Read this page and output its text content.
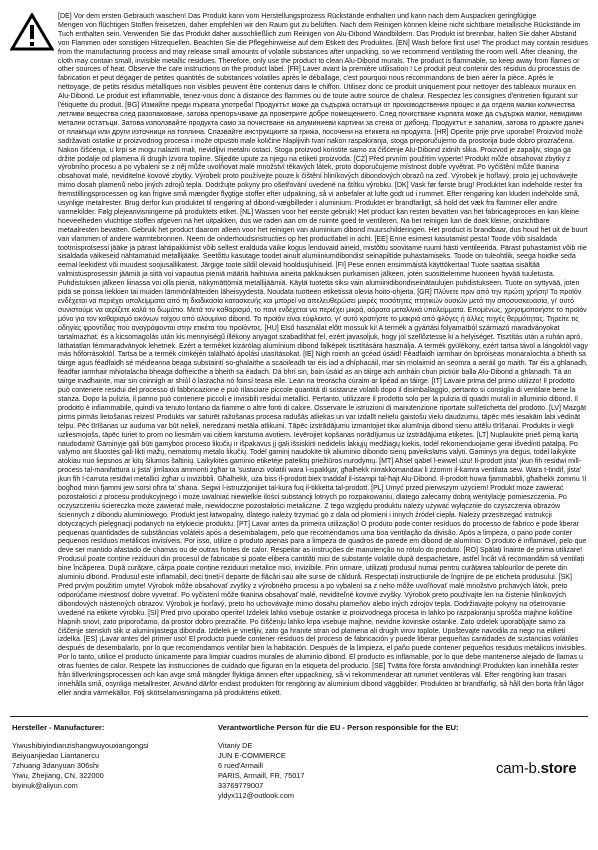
[DE] Vor dem ersten Gebrauch waschen! Das Produkt kann vom Herstellungsprozess Rückstände enthalten und kann nach dem Auspacken geringfügige
Mengen von flüchtigen Stoffen freisetzen, daher empfehlen wir den Raum gut zu belüften. Nach dem Reinigen können kleine nicht sichtbare metallische Rückstände im Tuch enthalten sein. Verwenden Sie das Produkt daher ausschließlich zum Reinigen von Alu-Dibond Wandbildern. Das Produkt ist brennbar, halten Sie daher Abstand von Flammen oder sonstigen Hitzequellen. Beachten Sie die Pflegehinweise auf dem Etikett des Produktes. [EN] Wash before first use! The product may contain residues from the manufacturing process and may release small amounts of volatile substances after unpacking, so we recommend ventilating the room well. After cleaning, the cloth may contain small, invisible metallic residues. Therefore, only use the product to clean Alu-Dibond murals. The product is flammable, so keep away from flames or other sources of heat. Observe the care instructions on the product label. [FR] Laver avant la première utilisation ! Le produit peut contenir des résidus du processus de fabrication et peut dégager de petites quantités de substances volatiles après le déballage, c'est pourquoi nous recommandons de bien aérer la pièce. Après le nettoyage, de petits résidus métalliques non visibles peuvent être contenus dans le chiffon. Utilisez donc ce produit uniquement pour nettoyer des tableaux muraux en Alu-Dibond. Le produit est inflammable, tenez-vous donc à distance des flammes ou de toute autre source de chaleur. Respectez les consignes d'entretien figurant sur l'étiquette du produit. [BG] Измийте преди първата употреба! Продуктът може да съдържа остатъци от производствения процес и да отделя малки количества летливи вещества след разопаковане, затова препоръчваме да проветрите добре помещението. След почистване кърпата може да съдържа малки, невидими метални остатъци. Затова използвайте продукта само за почистване на алуминиеви картини за стена от дибонд. Продуктът е запалим, затова го дръжте далеч от пламъци или други източници на топлина. Спазвайте инструкциите за грижа, посочени на етикета на продукта. [HR] Operite prije prve uporabe! Proizvod može sadržavati ostatke iz proizvodnog procesa i može otpustiti male količine hlapljivih tvari nakon raspakiranja, stoga preporučujemo da prostorija bude dobro prozračena. Nakon čišćenja, u krpi se mogu nalaziti mali, nevidljivi metalni ostaci. Stoga proizvod koristite samo za čišćenje Alu-Dibond zidnih slika. Proizvod je zapaljiv, stoga ga držite podalje od plamena ili drugih izvora topline. Slijedite upute za njegu na etiketi proizvoda. [CZ] Před prvním použitím vyperte! Produkt může obsahovat zbytky z výrobního procesu a po vybalení se z něj může uvolňovat malé množství těkavých látek, proto doporučujeme místnost dobře vyvětrat. Po vyčištění může tkanina obsahovat malé, neviditelné kovové zbytky. Výrobek proto používejte pouze k čištění hliníkových dibondových obrazů na zeď. Výrobek je hořlavý, proto jej uchovávejte mimo dosah plamenů nebo jiných zdrojů tepla. Dodržujte pokyny pro ošetřování uvedené na štítku výrobku. [DK] Vask før første brug! Produktet kan indeholde rester fra fremstillingsprocessen og kan frigive små mængder flygtige stoffer efter udpakning, så vi anbefaler at lufte godt ud i rummet. Efter rengøring kan kluden indeholde små, usynlige metalrester. Brug derfor kun produktet til rengøring af dibond-vægbilleder i aluminium. Produktet er brandfarligt, så hold det væk fra flammer eller andre varmekilder. Følg plejeanvisningerne på produktets etiket. [NL] Wassen voor het eerste gebruik! Het product kan resten bevatten van het fabricageproces en kan kleine hoeveelheden vluchtige stoffen afgeven na het uitpakken, dus we raden aan om de ruimte goed te ventileren. Na het reinigen kan de doek kleine, onzichtbare metaalresten bevatten. Gebruik het product daarom alleen voor het reinigen van aluminium dibond muurschilderingen. Het product is brandbaar, dus houd het uit de buurt van vlammen of andere warmtebronnen. Neem de onderhoudsinstructies op het productlabel in acht. [EE] Enne esimest kasutamist pesta! Toode võib sisaldada tootmisprotsessi jääke ja pärast lahtipakkimist võib sellest eralduda väike kogus lenduvaid aineid, mistõttu soovitame ruumi hästi ventileerida. Pärast puhastamist võib riie sisaldada väikeseid nähtamatuid metallijääke. Seetõttu kasutage toodet ainult alumiiniumdibondist seinapiltide puhastamiseks. Toode on tuleohtlik, seega hoidke seda eemal leekidest või muudest soojusallikatest. Järgige toote sildil olevaid hooldusjuhiseid. [FI] Pese ennen ensimmäistä käyttökertaa! Tuote saattaa sisältää valmistusprosessin jäämiä ja siitä voi vapautua pieniä määriä haihtuvia aineita pakkauksen purkamisen jälkeen, joten suosittelemme huoneen hyvää tuuletusta. Puhdistuksen jälkeen liinassa voi olla pieniä, näkymättömiä metallijäämiä. Käytä tuotetta siksi vain alumiinidibondiseinätaulujen puhdistukseen. Tuote on syttyvää, joten pidä se poissa liekkien tai muiden lämmönlähteiden läheisyydestä. Noudata tuotteen etiketissä olevia hoito-ohjeita. [GR] Πλύνετε πριν από την πρώτη χρήση! Το προϊόν ενδέχεται να περιέχει υπολείμματα από τη διαδικασία κατασκευής και μπορεί να απελευθερώσει μικρές ποσότητες πτητικών ουσιών μετά την αποσυσκευασία, γι' αυτό συνιστούμε να αερίζετε καλά το δωμάτιο. Μετά τον καθαρισμό, το πανί ενδέχεται να περιέχει μικρά, αόρατα μεταλλικά υπολείμματα. Επομένως, χρησιμοποιήστε το προϊόν μόνο για τον καθαρισμό εικόνων τοίχου από αλουμίνιο dibond. Το προϊόν είναι εύφλεκτο, γι' αυτό κρατήστε το μακριά από φλόγες ή άλλες πηγές θερμότητας. Τηρείτε τις οδηγίες φροντίδας που αναγράφονται στην ετικέτα του προϊόντος. [HU] Első használat előtt mossuk ki! A termék a gyártási folyamatból származó maradványokat tartalmazhat, és a kicsomagolás után kis mennyiségű illékony anyagot szabadíthat fel, ezért javasoljuk, hogy jól szellőztesse ki a helyiséget. Tisztítás után a ruhán apró, láthatatlan fémmaradványok lehetnek. Ezért a terméket kizárólag alumínium dibond falképek tisztítására használja. A termék gyúlékony, ezért tartsa távol a lángoktól vagy más hőforrásoktól. Tartsa be a termék címkéjén található ápolási utasításokat. [IE] Nigh roimh an gcéad úsáid! Féadfaidh iarmhair ón bpróiseas monaraíochta a bheith sa táirge agus féadfaidh sé méideanna beaga substaintí so-ghalaithe a scaoileadh tar éis iad a dhíphacáil, mar sin molaimid an seomra a aeráil go maith. Tar éis a ghlanadh, féadfar iarmhair mhiotalacha bheaga dofheicthe a bheith sa éadach. Dá bhrí sin, bain úsáid as an táirge ach amháin chun pictiúir balla Alu-Dibond a ghlanadh. Tá an táirge inadhainte, mar sin coinnigh ar shiúl ó lasracha nó foinsí teasa eile. Lean na treoracha cúraim ar lipéad an táirge. [IT] Lavare prima del primo utilizzo! Il prodotto può contenere residui del processo di fabbricazione e può rilasciare piccole quantità di sostanze volatili dopo il disimballaggio, pertanto si consiglia di ventilare bene la stanza. Dopo la pulizia, il panno può contenere piccoli e invisibili residui metallici. Pertanto, utilizzare il prodotto solo per la pulizia di quadri murali in alluminio dibond. Il prodotto è infiammabile, quindi va tenuto lontano da fiamme o altre fonti di calore. Osservare le istruzioni di manutenzione riportate sull'etichetta del prodotto. [LV] Mazgāt pirms pirmās lietošanas reizes! Produkts var saturēt ražošanas procesa radušās atliekas un var izdalīt nelielu gaistošu vielu daudzumu, tāpēc mēs iesakām labi vēdināt telpu. Pēc tīrīšanas uz auduma var būt nelieli, neredzami metāla atlikumi. Tāpēc izstrādājumu izmantojiet tikai alumīnija dibond sienu attēlu tīrīšanai. Produkts ir viegli uzliesmojošs, tāpēc turiet to prom no liesmām vai citiem karstuma avotiem. Ievērojiet kopšanas norādījumus uz izstrādājuma etiķetes. [LT] Nuplaukite prieš pirmą kartą naudodami! Gaminyje gali būti gamybos proceso likučių ir išpakavus jį gali išsiskirti nedidelis lakiųjų medžiagų kiekis, todėl rekomenduojame gerai išvėdinti patalpą. Po valymo ant šluostės gali likti mažų, nematomų metalo likučių. Todėl gaminį naudokite tik aliuminio dibondo sienų paveikslams valyti. Gaminys yra degus, todėl laikykite atokiau nuo liepsnos ar kitų šilumos šaltinių. Laikykitės gaminio etiketėje pateiktų priežiūros nurodymų. [MT] Aħsel qabel l-ewwel użu! Il-prodott jista' jkun fih residwi mill-proċess tal-manifattura u jista' jirrilaxxa ammonti żgħar ta 'sustanzi volatili wara l-ispakkjar, għalhekk nirrakkomandaw li żżomm il-kamra ventilata sew. Wara t-tindif, jista' jkun fih l-ċarruta residwi metalliċi żgħar u inviżibbli. Għalhekk, uża biss il-prodott biex tnaddaf il-istampi tal-ħajt Alu-Dibond. Il-prodott huwa fjammabbli, għalhekk żommu 'il bogħod minn fjammi jew sorsi oħra ta' sħana. Segwi l-istruzzjonijiet tal-kura fuq il-tikketta tal-prodott. [PL] Umyć przed pierwszym użyciem! Produkt może zawierać pozostałości z procesu produkcyjnego i może uwalniać niewielkie ilości substancji lotnych po rozpakowaniu, dlatego zalecamy dobrą wentylację pomieszczenia. Po oczyszczeniu ściereczka może zawierać małe, niewidoczne pozostałości metaliczne. Z tego względu produktu należy używać wyłącznie do czyszczenia obrazów ściennych z dibondu aluminiowego. Produkt jest łatwopalny, dlatego należy trzymać go z dala od płomieni i innych źródeł ciepła. Należy przestrzegać instrukcji dotyczących pielęgnacji podanych na etykiecie produktu. [PT] Lavar antes da primeira utilização! O produto pode conter resíduos do processo de fabrico e pode liberar pequenas quantidades de substâncias voláteis após a desembalagem, pelo que recomendamos uma boa ventilação da divisão. Após a limpeza, o pano pode conter pequenos resíduos metálicos invisíveis. Por isso, utilize o produto apenas para a limpeza de quadros de parede em dibond de alumínio. O produto é inflamável, pelo que deve ser mantido afastado de chamas ou de outras fontes de calor. Respeitar as instruções de manutenção no rótulo do produto. [RO] Spălați înainte de prima utilizare! Produsul poate conține reziduuri din procesul de fabricație și poate elibera cantități mici de substanțe volatile după despachetare, astfel încât vă recomandăm să ventilați bine încăperea. După curățare, cârpa poate conține reziduuri metalice mici, invizibile. Prin urmare, utilizați produsul numai pentru curățarea tablourilor de perete din aluminiu dibond. Produsul este inflamabil, deci țineți-l departe de flăcări sau alte surse de căldură. Respectați instrucțiunile de îngrijire de pe eticheta produsului. [SK] Pred prvým použitím umyte! Výrobok môže obsahovať zvyšky z výrobného procesu a po vybalení sa z neho môže uvoľňovať malé množstvo prchavých látok, preto odporúčame miestnosť dobre vyvetrať. Po vyčistení môže tkanina obsahovať malé, neviditeľné kovové zvyšky. Výrobok preto používajte len na čistenie hliníkových dibondových nástenných obrazov. Výrobok je horľavý, preto ho uchovávajte mimo dosahu plameňov alebo iných zdrojov tepla. Dodržiavajte pokyny na ošetrovanie uvedené na etikete výrobku. [SI] Pred prvo uporabo operite! Izdelek lahko vsebuje ostanke iz proizvodnega procesa in lahko po razpakiranju sprošča majhne količine hlapnih snovi, zato priporočamo, da prostor dobro prezračite. Po čiščenju lahko krpa vsebuje majhne, nevidne kovinske ostanke. Zato izdelek uporabljajte samo za čiščenje stenskih slik iz aluminijastega dibonda. Izdelek je vnetljiv, zato ga hranite stran od plamena ali drugih virov toplote. Upoštevajte navodila za nego na etiketi izdelka. [ES] ¡Lavar antes del primer uso! El producto puede contener residuos del proceso de fabricación y puede liberar pequeñas cantidades de sustancias volátiles después de desembalarlo, por lo que recomendamos ventilar bien la habitación. Después de la limpieza, el paño puede contener pequeños residuos metálicos invisibles. Por lo tanto, utilice el producto únicamente para limpiar cuadros murales de aluminio dibond. El producto es inflamable, por lo que debe mantenerse alejado de llamas u otras fuentes de calor. Respete las instrucciones de cuidado que figuran en la etiqueta del producto. [SE] Tvätta före första användning! Produkten kan innehålla rester från tillverkningsprocessen och kan avge små mängder flyktiga ämnen efter uppackning, så vi rekommenderar att rummet ventileras väl. Efter rengöring kan trasan innehålla små, osynliga metallrester. Använd därför endast produkten för rengöring av aluminium dibond väggbilder. Produkten är brandfarlig, så håll den borta från lågor eller andra värmekällor. Följ skötselanvisningarna på produktens etikett.

Hersteller - Manufacturer:

Yiwushibiyindianzishangwuyouxiangongsi
Beiyuanjiedao Liantanercu
7zhuang 3danyuan 306shi
Yiwu, Zhejiang, CN, 322000
biyinuk@aliyun.com

Verantwortliche Person für die EU - Person responsible for the EU:

Vitaniy DE
JUN E-COMMERCE
6 rued'Armaill
PARIS, Armaill, FR, 75017
33769779007
yldyx112@outlook.com
cam-b.store
